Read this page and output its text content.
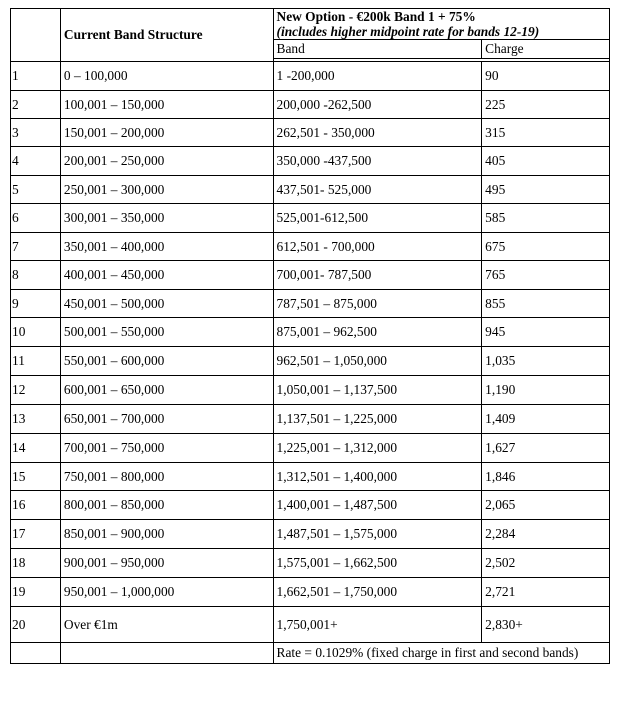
	Current Band Structure	New Option - €200k Band 1 + 75%
(includes higher midpoint rate for bands 12-19)	

		Band	Charge

1	0 – 100,000	1 -200,000	90
2	100,001 – 150,000	200,000 -262,500	225
3	150,001 – 200,000	262,501 - 350,000	315
4	200,001 – 250,000	350,000 -437,500	405
5	250,001 – 300,000	437,501- 525,000	495
6	300,001 – 350,000	525,001-612,500	585
7	350,001 – 400,000	612,501 - 700,000	675
8	400,001 – 450,000	700,001- 787,500	765
9	450,001 – 500,000	787,501 – 875,000	855
10	500,001 – 550,000	875,001 – 962,500	945
11	550,001 – 600,000	962,501 – 1,050,000	1,035
12	600,001 – 650,000	1,050,001 – 1,137,500	1,190
13	650,001 – 700,000	1,137,501 – 1,225,000	1,409
14	700,001 – 750,000	1,225,001 – 1,312,000	1,627
15	750,001 – 800,000	1,312,501 – 1,400,000	1,846
16	800,001 – 850,000	1,400,001 – 1,487,500	2,065
17	850,001 – 900,000	1,487,501 – 1,575,000	2,284
18	900,001 – 950,000	1,575,001 – 1,662,500	2,502
19	950,001 – 1,000,000	1,662,501 – 1,750,000	2,721
20	Over €1m	1,750,001+	2,830+
		Rate = 0.1029% (fixed charge in first and second bands)	
